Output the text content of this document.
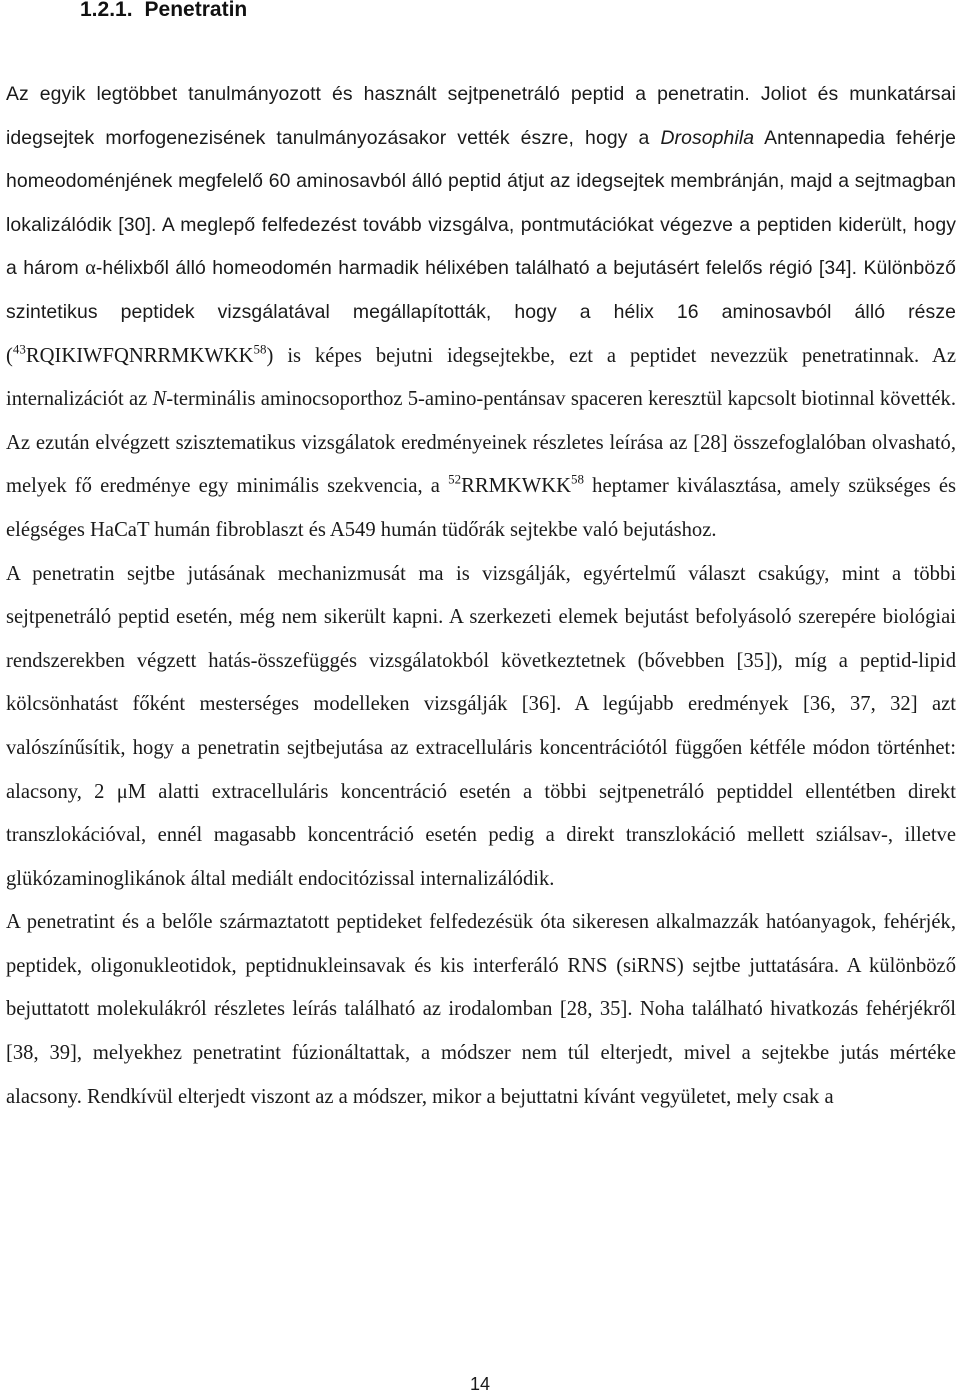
1.2.1. Penetratin

Az egyik legtöbbet tanulmányozott és használt sejtpenetráló peptid a penetratin. Joliot és munkatársai idegsejtek morfogenezisének tanulmányozásakor vették észre, hogy a Drosophila Antennapedia fehérje homeodoménjének megfelelő 60 aminosavból álló peptid átjut az idegsejtek membránján, majd a sejtmagban lokalizálódik [30]. A meglepő felfedezést tovább vizsgálva, pontmutációkat végezve a peptiden kiderült, hogy a három α-hélixből álló homeodomén harmadik hélixében található a bejutásért felelős régió [34]. Különböző szintetikus peptidek vizsgálatával megállapították, hogy a hélix 16 aminosavból álló része ($^{43}$RQIKIWFQNRRMKWKK$^{58}$) is képes bejutni idegsejtekbe, ezt a peptidet nevezzük penetratinnak. Az internalizációt az N-terminális aminocsoporthoz 5-amino-pentánsav spaceren keresztül kapcsolt biotinnal követték. Az ezután elvégzett szisztematikus vizsgálatok eredményeinek részletes leírása az [28] összefoglalóban olvasható, melyek fő eredménye egy minimális szekvencia, a $^{52}$RRMKWKK$^{58}$ heptamer kiválasztása, amely szükséges és elégséges HaCaT humán fibroblaszt és A549 humán tüdőrák sejtekbe való bejutáshoz.

A penetratin sejtbe jutásának mechanizmusát ma is vizsgálják, egyértelmű választ csakúgy, mint a többi sejtpenetráló peptid esetén, még nem sikerült kapni. A szerkezeti elemek bejutást befolyásoló szerepére biológiai rendszerekben végzett hatás-összefüggés vizsgálatokból következtetnek (bővebben [35]), míg a peptid-lipid kölcsönhatást főként mesterséges modelleken vizsgálják [36]. A legújabb eredmények [36, 37, 32] azt valószínűsítik, hogy a penetratin sejtbejutása az extracelluláris koncentrációtól függően kétféle módon történhet: alacsony, 2 μM alatti extracelluláris koncentráció esetén a többi sejtpenetráló peptiddel ellentétben direkt transzlokációval, ennél magasabb koncentráció esetén pedig a direkt transzlokáció mellett sziálsav-, illetve glükózaminoglikánok által mediált endocitózissal internalizálódik.

A penetratint és a belőle származtatott peptideket felfedezésük óta sikeresen alkalmazzák hatóanyagok, fehérjék, peptidek, oligonukleotidok, peptidnukleinsavak és kis interferáló RNS (siRNS) sejtbe juttatására. A különböző bejuttatott molekulákról részletes leírás található az irodalomban [28, 35]. Noha található hivatkozás fehérjékről [38, 39], melyekhez penetratint fúzionáltattak, a módszer nem túl elterjedt, mivel a sejtekbe jutás mértéke alacsony. Rendkívül elterjedt viszont az a módszer, mikor a bejuttatni kívánt vegyületet, mely csak a

14
